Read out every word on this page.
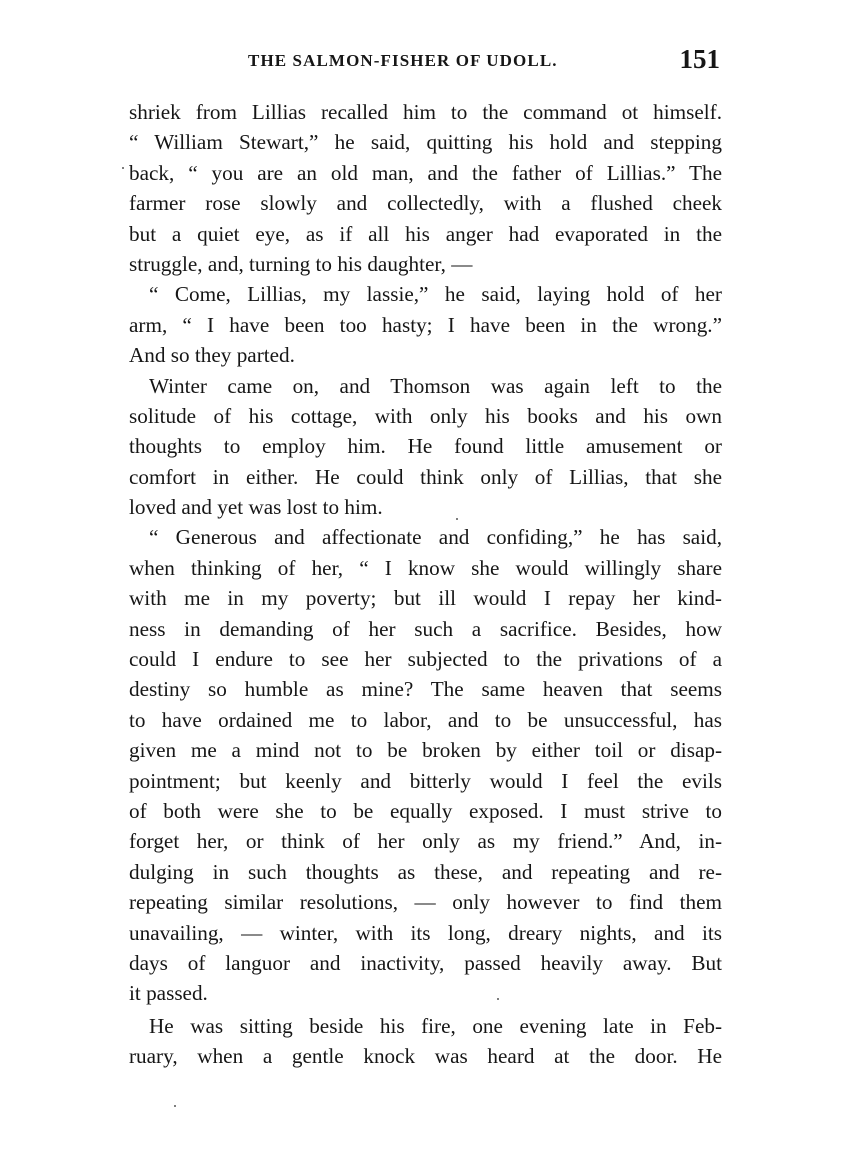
THE SALMON-FISHER OF UDOLL.	151
shriek from Lillias recalled him to the command ot himself.
“ William Stewart,” he said, quitting his hold and stepping
back, “ you are an old man, and the father of Lillias.” The
farmer rose slowly and collectedly, with a flushed cheek
but a quiet eye, as if all his anger had evaporated in the
struggle, and, turning to his daughter, —
“ Come, Lillias, my lassie,” he said, laying hold of her
arm, “ I have been too hasty; I have been in the wrong.”
And so they parted.
Winter came on, and Thomson was again left to the
solitude of his cottage, with only his books and his own
thoughts to employ him. He found little amusement or
comfort in either. He could think only of Lillias, that she
loved and yet was lost to him.
“ Generous and affectionate and confiding,” he has said,
when thinking of her, “ I know she would willingly share
with me in my poverty; but ill would I repay her kind-
ness in demanding of her such a sacrifice. Besides, how
could I endure to see her subjected to the privations of a
destiny so humble as mine? The same heaven that seems
to have ordained me to labor, and to be unsuccessful, has
given me a mind not to be broken by either toil or disap-
pointment; but keenly and bitterly would I feel the evils
of both were she to be equally exposed. I must strive to
forget her, or think of her only as my friend.” And, in-
dulging in such thoughts as these, and repeating and re-
repeating similar resolutions, — only however to find them
unavailing, — winter, with its long, dreary nights, and its
days of languor and inactivity, passed heavily away. But
it passed.
He was sitting beside his fire, one evening late in Feb-
ruary, when a gentle knock was heard at the door. He
